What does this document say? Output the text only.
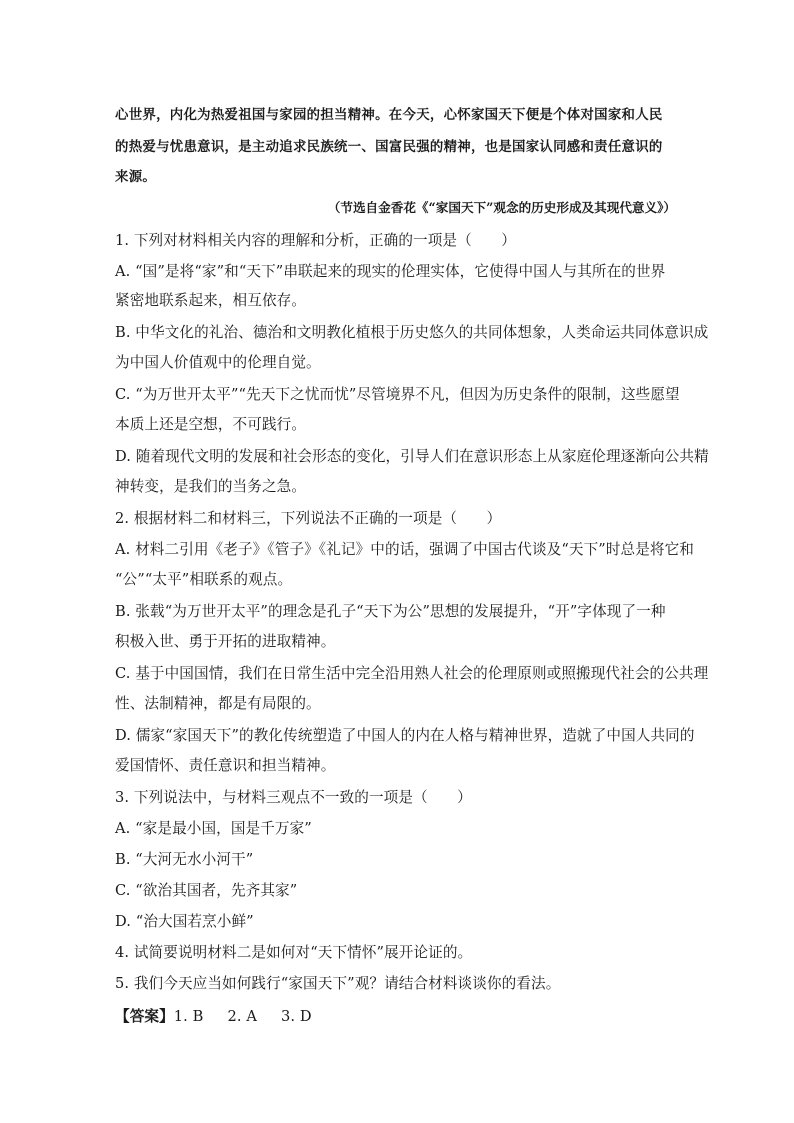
心世界，内化为热爱祖国与家园的担当精神。在今天，心怀家国天下便是个体对国家和人民
的热爱与忧患意识，是主动追求民族统一、国富民强的精神，也是国家认同感和责任意识的
来源。
（节选自金香花《“家国天下”观念的历史形成及其现代意义》）
1. 下列对材料相关内容的理解和分析，正确的一项是（　　）
A. “国”是将“家”和“天下”串联起来的现实的伦理实体，它使得中国人与其所在的世界
紧密地联系起来，相互依存。
B. 中华文化的礼治、德治和文明教化植根于历史悠久的共同体想象，人类命运共同体意识成
为中国人价值观中的伦理自觉。
C. “为万世开太平”“先天下之忧而忧”尽管境界不凡，但因为历史条件的限制，这些愿望
本质上还是空想，不可践行。
D. 随着现代文明的发展和社会形态的变化，引导人们在意识形态上从家庭伦理逐渐向公共精
神转变，是我们的当务之急。
2. 根据材料二和材料三，下列说法不正确的一项是（　　）
A. 材料二引用《老子》《管子》《礼记》中的话，强调了中国古代谈及“天下”时总是将它和
“公”“太平”相联系的观点。
B. 张载“为万世开太平”的理念是孔子“天下为公”思想的发展提升，“开”字体现了一种
积极入世、勇于开拓的进取精神。
C. 基于中国国情，我们在日常生活中完全沿用熟人社会的伦理原则或照搬现代社会的公共理
性、法制精神，都是有局限的。
D. 儒家“家国天下”的教化传统塑造了中国人的内在人格与精神世界，造就了中国人共同的
爱国情怀、责任意识和担当精神。
3. 下列说法中，与材料三观点不一致的一项是（　　）
A. “家是最小国，国是千万家”
B. “大河无水小河干”
C. “欲治其国者，先齐其家”
D. “治大国若烹小鲜”
4. 试简要说明材料二是如何对“天下情怀”展开论证的。
5. 我们今天应当如何践行“家国天下”观？请结合材料谈谈你的看法。
【答案】1. B 2. A 3. D
